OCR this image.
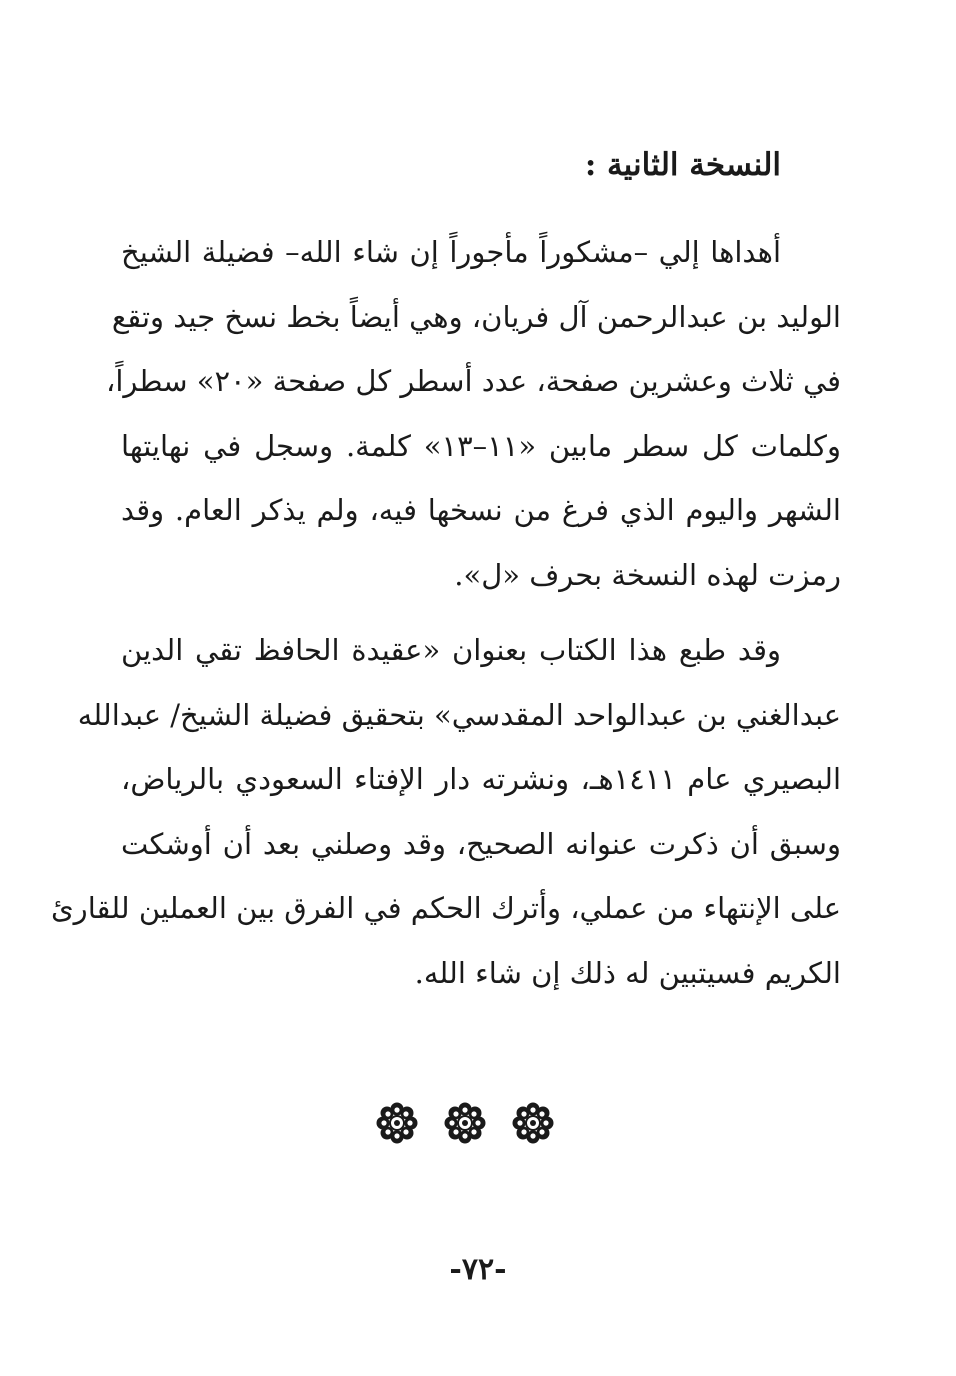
النسخة الثانية :
أهداها إلي –مشكوراً مأجوراً إن شاء الله– فضيلة الشيخ
الوليد بن عبدالرحمن آل فريان، وهي أيضاً بخط نسخ جيد وتقع
في ثلاث وعشرين صفحة، عدد أسطر كل صفحة «٢٠» سطراً،
وكلمات كل سطر مابين «١١–١٣» كلمة. وسجل في نهايتها
الشهر واليوم الذي فرغ من نسخها فيه، ولم يذكر العام. وقد
رمزت لهذه النسخة بحرف «ل».
وقد طبع هذا الكتاب بعنوان «عقيدة الحافظ تقي الدين
عبدالغني بن عبدالواحد المقدسي» بتحقيق فضيلة الشيخ/ عبدالله
البصيري عام ١٤١١هـ، ونشرته دار الإفتاء السعودي بالرياض،
وسبق أن ذكرت عنوانه الصحيح، وقد وصلني بعد أن أوشكت
على الإنتهاء من عملي، وأترك الحكم في الفرق بين العملين للقارئ
الكريم فسيتبين له ذلك إن شاء الله.
-٧٢-
